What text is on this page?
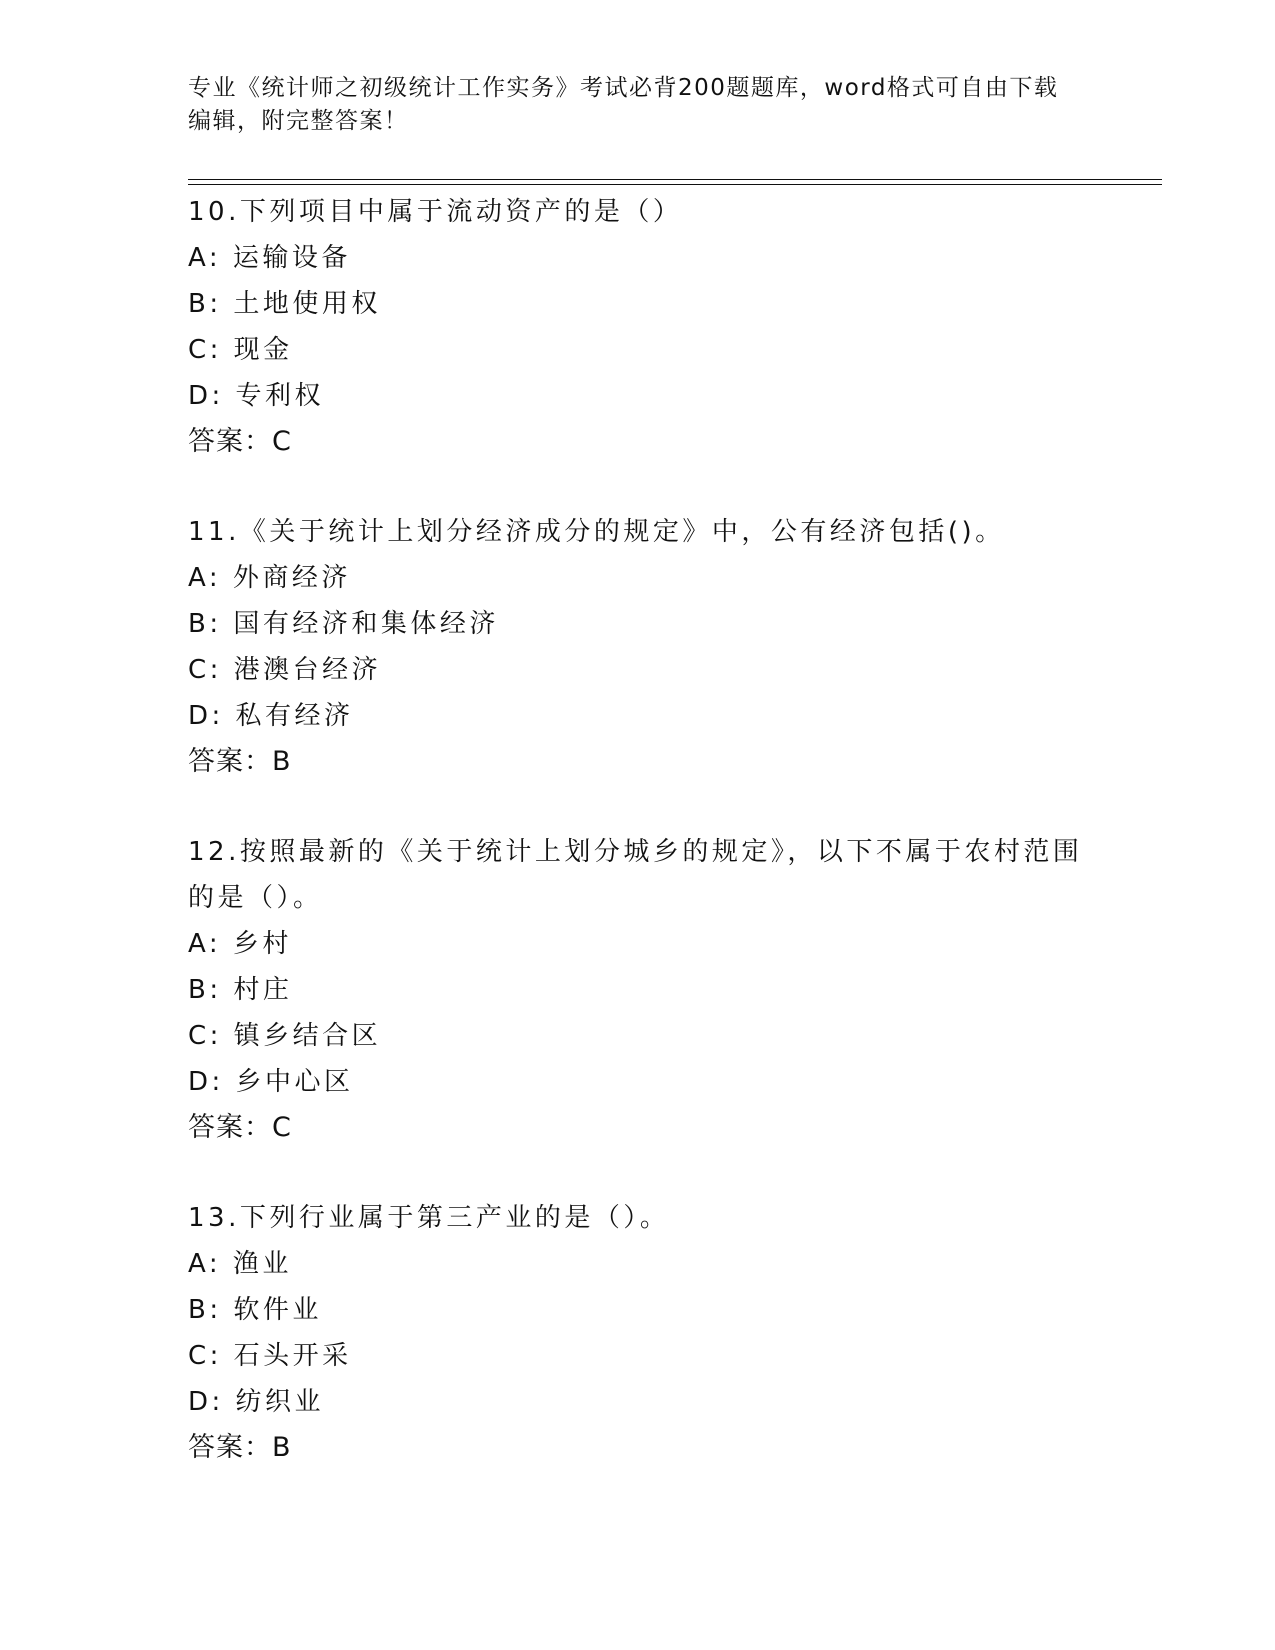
专业《统计师之初级统计工作实务》考试必背200题题库，word格式可自由下载
编辑，附完整答案！
10.下列项目中属于流动资产的是（）
A: 运输设备
B: 土地使用权
C: 现金
D: 专利权
答案：C
11.《关于统计上划分经济成分的规定》中，公有经济包括()。
A: 外商经济
B: 国有经济和集体经济
C: 港澳台经济
D: 私有经济
答案：B
12.按照最新的《关于统计上划分城乡的规定》，以下不属于农村范围
的是（）。
A: 乡村
B: 村庄
C: 镇乡结合区
D: 乡中心区
答案：C
13.下列行业属于第三产业的是（）。
A: 渔业
B: 软件业
C: 石头开采
D: 纺织业
答案：B
